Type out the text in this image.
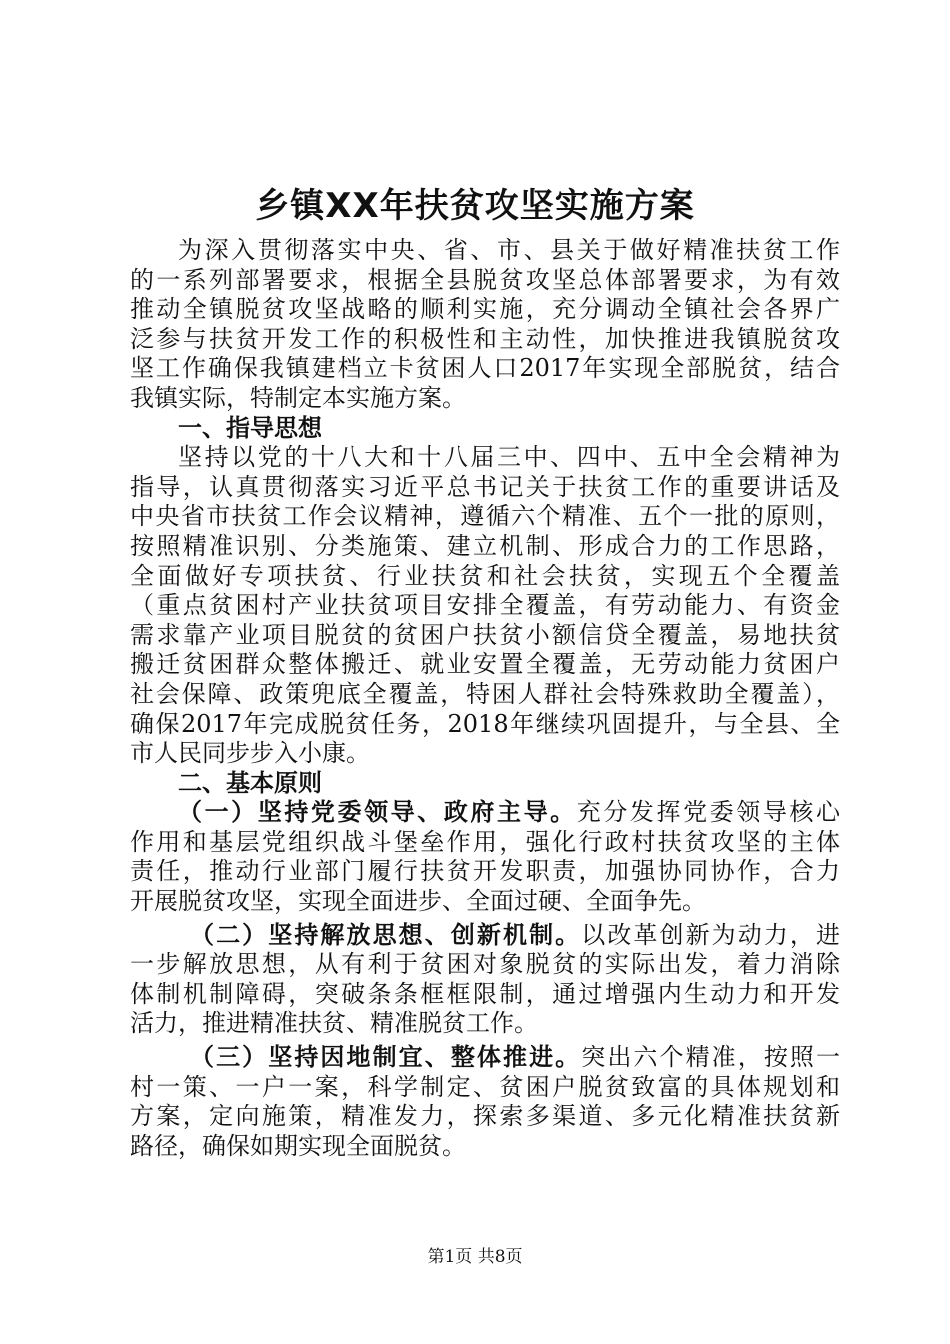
乡镇XX年扶贫攻坚实施方案
为深入贯彻落实中央、省、市、县关于做好精准扶贫工作
的一系列部署要求，根据全县脱贫攻坚总体部署要求，为有效
推动全镇脱贫攻坚战略的顺利实施，充分调动全镇社会各界广
泛参与扶贫开发工作的积极性和主动性，加快推进我镇脱贫攻
坚工作确保我镇建档立卡贫困人口2017年实现全部脱贫，结合
我镇实际，特制定本实施方案。
一、指导思想
坚持以党的十八大和十八届三中、四中、五中全会精神为
指导，认真贯彻落实习近平总书记关于扶贫工作的重要讲话及
中央省市扶贫工作会议精神，遵循六个精准、五个一批的原则，
按照精准识别、分类施策、建立机制、形成合力的工作思路，
全面做好专项扶贫、行业扶贫和社会扶贫，实现五个全覆盖
（重点贫困村产业扶贫项目安排全覆盖，有劳动能力、有资金
需求靠产业项目脱贫的贫困户扶贫小额信贷全覆盖，易地扶贫
搬迁贫困群众整体搬迁、就业安置全覆盖，无劳动能力贫困户
社会保障、政策兜底全覆盖，特困人群社会特殊救助全覆盖），
确保2017年完成脱贫任务，2018年继续巩固提升，与全县、全
市人民同步步入小康。
二、基本原则
（一）坚持党委领导、政府主导。充分发挥党委领导核心
作用和基层党组织战斗堡垒作用，强化行政村扶贫攻坚的主体
责任，推动行业部门履行扶贫开发职责，加强协同协作，合力
开展脱贫攻坚，实现全面进步、全面过硬、全面争先。
（二）坚持解放思想、创新机制。以改革创新为动力，进
一步解放思想，从有利于贫困对象脱贫的实际出发，着力消除
体制机制障碍，突破条条框框限制，通过增强内生动力和开发
活力，推进精准扶贫、精准脱贫工作。
（三）坚持因地制宜、整体推进。突出六个精准，按照一
村一策、一户一案，科学制定、贫困户脱贫致富的具体规划和
方案，定向施策，精准发力，探索多渠道、多元化精准扶贫新
路径，确保如期实现全面脱贫。
第1页 共8页
